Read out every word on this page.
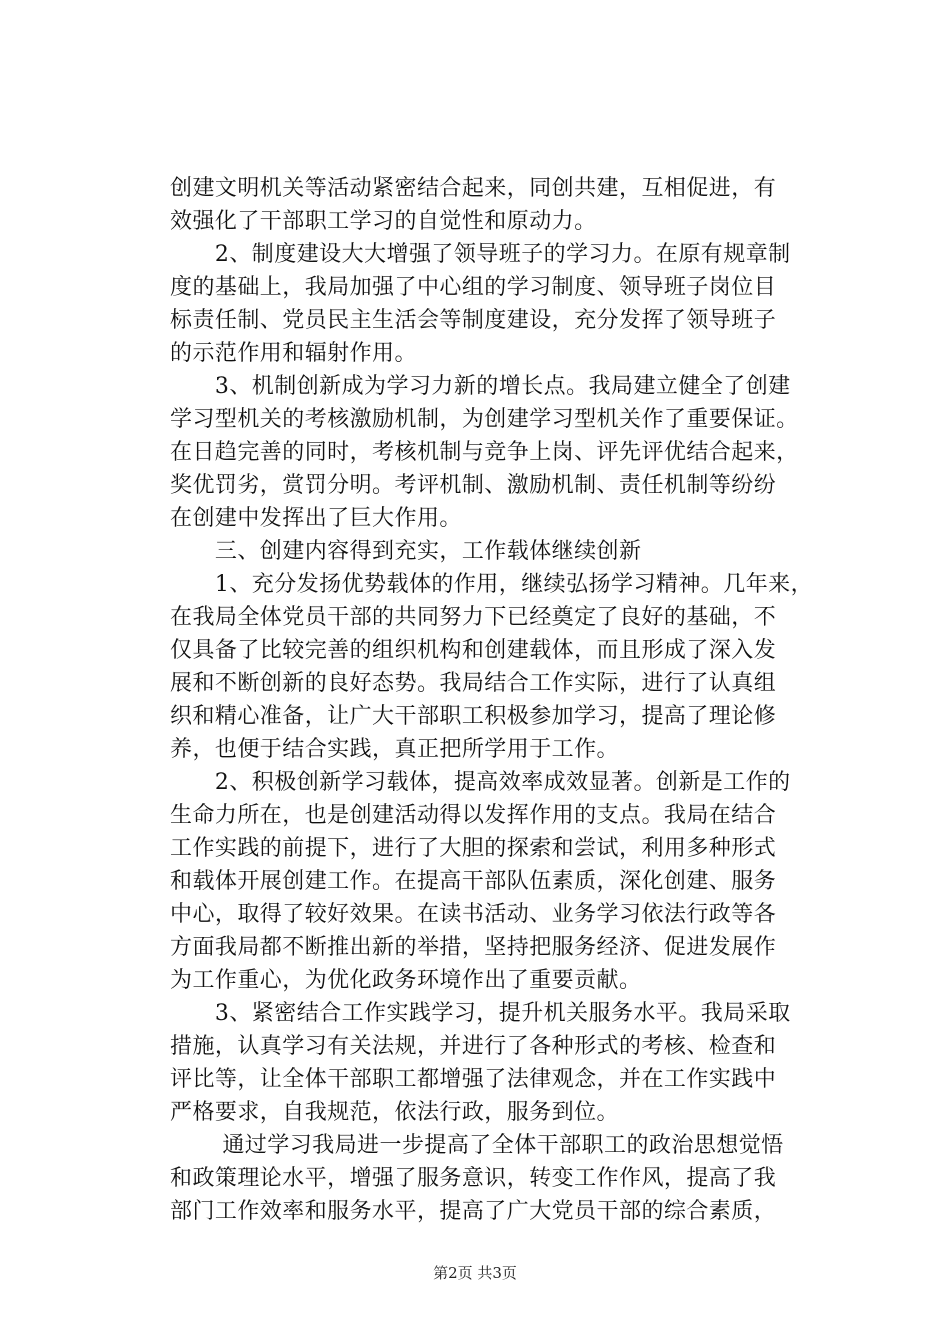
创建文明机关等活动紧密结合起来，同创共建，互相促进，有
效强化了干部职工学习的自觉性和原动力。
　　2、制度建设大大增强了领导班子的学习力。在原有规章制
度的基础上，我局加强了中心组的学习制度、领导班子岗位目
标责任制、党员民主生活会等制度建设，充分发挥了领导班子
的示范作用和辐射作用。
　　3、机制创新成为学习力新的增长点。我局建立健全了创建
学习型机关的考核激励机制，为创建学习型机关作了重要保证。
在日趋完善的同时，考核机制与竞争上岗、评先评优结合起来，
奖优罚劣，赏罚分明。考评机制、激励机制、责任机制等纷纷
在创建中发挥出了巨大作用。
　　三、创建内容得到充实，工作载体继续创新
　　1、充分发扬优势载体的作用，继续弘扬学习精神。几年来，
在我局全体党员干部的共同努力下已经奠定了良好的基础，不
仅具备了比较完善的组织机构和创建载体，而且形成了深入发
展和不断创新的良好态势。我局结合工作实际，进行了认真组
织和精心准备，让广大干部职工积极参加学习，提高了理论修
养，也便于结合实践，真正把所学用于工作。
　　2、积极创新学习载体，提高效率成效显著。创新是工作的
生命力所在，也是创建活动得以发挥作用的支点。我局在结合
工作实践的前提下，进行了大胆的探索和尝试，利用多种形式
和载体开展创建工作。在提高干部队伍素质，深化创建、服务
中心，取得了较好效果。在读书活动、业务学习依法行政等各
方面我局都不断推出新的举措，坚持把服务经济、促进发展作
为工作重心，为优化政务环境作出了重要贡献。
　　3、紧密结合工作实践学习，提升机关服务水平。我局采取
措施，认真学习有关法规，并进行了各种形式的考核、检查和
评比等，让全体干部职工都增强了法律观念，并在工作实践中
严格要求，自我规范，依法行政，服务到位。
　　 通过学习我局进一步提高了全体干部职工的政治思想觉悟
和政策理论水平，增强了服务意识，转变工作作风，提高了我
部门工作效率和服务水平，提高了广大党员干部的综合素质，
第2页 共3页
